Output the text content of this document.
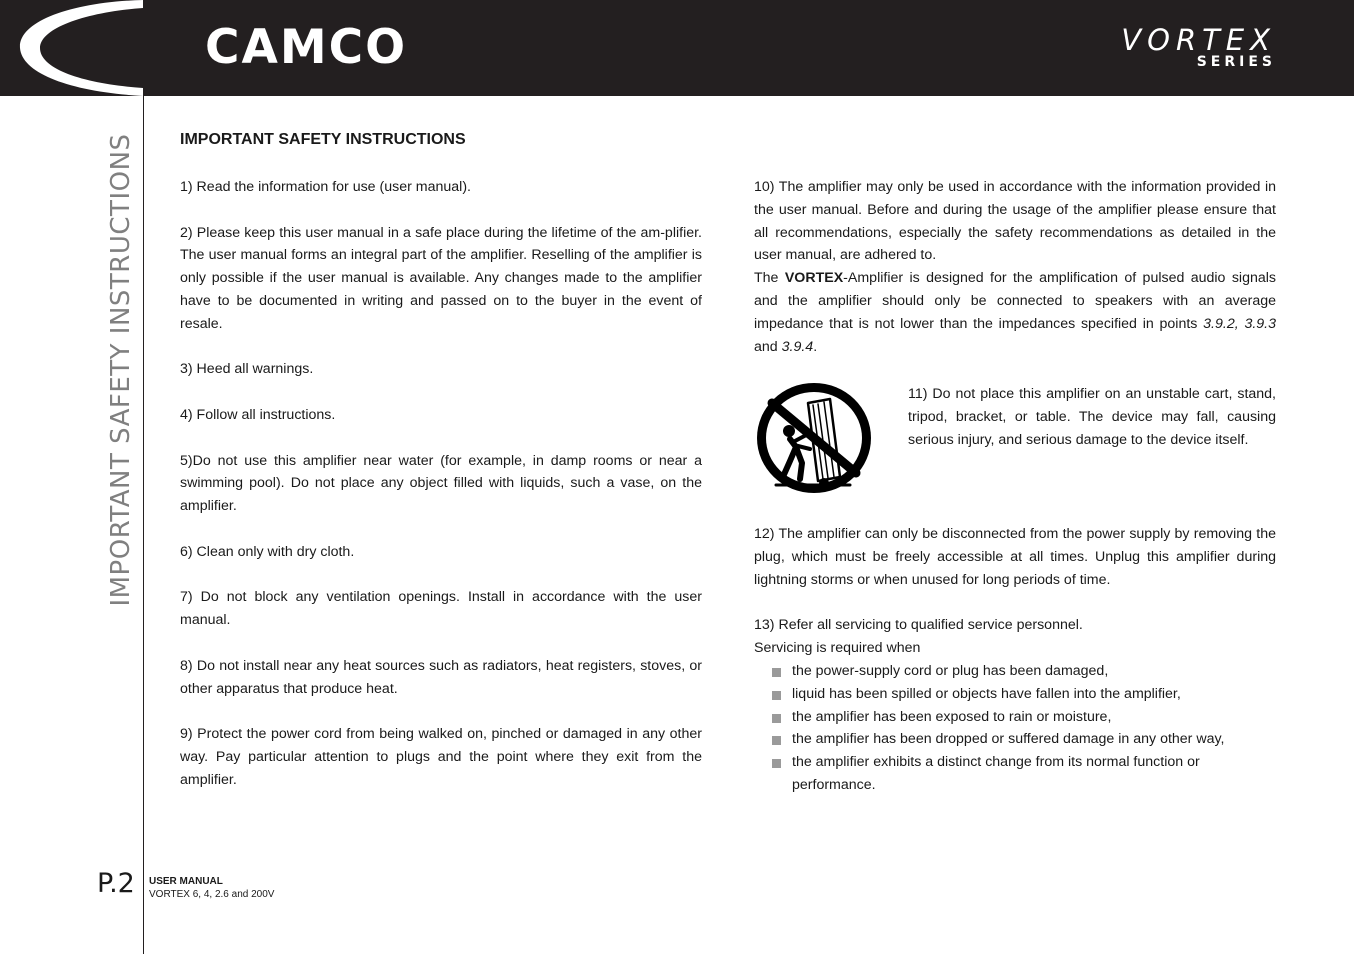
CAMCO	VORTEX
SERIES
IMPORTANT SAFETY INSTRUCTIONS	IMPORTANT SAFETY INSTRUCTIONS

1) Read the information for use (user manual).

2) Please keep this user manual in a safe place during the lifetime of the am-plifier. The user manual forms an integral part of the amplifier. Reselling of the amplifier is only possible if the user manual is available. Any changes made to the amplifier have to be documented in writing and passed on to the buyer in the event of resale.

3) Heed all warnings.

4) Follow all instructions.

5)Do not use this amplifier near water (for example, in damp rooms or near a swimming pool). Do not place any object filled with liquids, such a vase, on the amplifier.

6) Clean only with dry cloth.

7) Do not block any ventilation openings. Install in accordance with the user manual.

8) Do not install near any heat sources such as radiators, heat registers, stoves, or other apparatus that produce heat.

9) Protect the power cord from being walked on, pinched or damaged in any other way. Pay particular attention to plugs and the point where they exit from the amplifier.

10) The amplifier may only be used in accordance with the information provided in the user manual. Before and during the usage of the amplifier please ensure that all recommendations, especially the safety recommendations as detailed in the user manual, are adhered to.

The VORTEX-Amplifier is designed for the amplification of pulsed audio signals and the amplifier should only be connected to speakers with an average impedance that is not lower than the impedances specified in points 3.9.2, 3.9.3 and 3.9.4.

11) Do not place this amplifier on an unstable cart, stand, tripod, bracket, or table. The device may fall, causing serious injury, and serious damage to the device itself.

12) The amplifier can only be disconnected from the power supply by removing the plug, which must be freely accessible at all times. Unplug this amplifier during lightning storms or when unused for long periods of time.

13) Refer all servicing to qualified service personnel.
Servicing is required when
the power-supply cord or plug has been damaged,
liquid has been spilled or objects have fallen into the amplifier,
the amplifier has been exposed to rain or moisture,
the amplifier has been dropped or suffered damage in any other way,
the amplifier exhibits a distinct change from its normal function or performance.
P.2 USER MANUAL
VORTEX 6, 4, 2.6 and 200V
